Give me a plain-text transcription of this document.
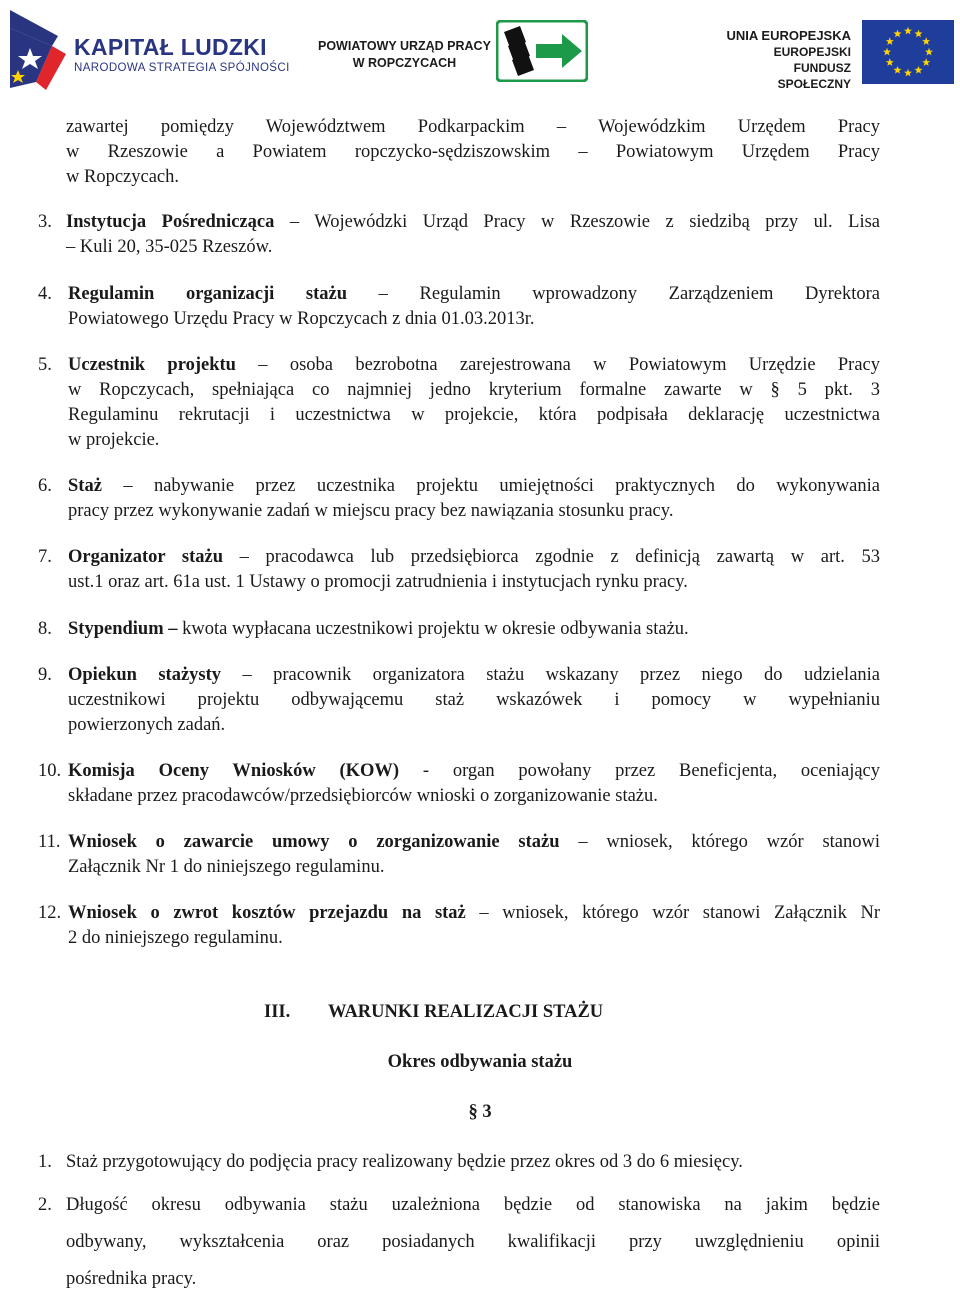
KAPITAŁ LUDZKI
NARODOWA STRATEGIA SPÓJNOŚCI
POWIATOWY URZĄD PRACY
W ROPCZYCACH
UNIA EUROPEJSKA
EUROPEJSKI
FUNDUSZ SPOŁECZNY
zawartej pomiędzy Województwem Podkarpackim – Wojewódzkim Urzędem Pracy
w Rzeszowie a Powiatem ropczycko-sędziszowskim – Powiatowym Urzędem Pracy
w Ropczycach.
3. Instytucja Pośrednicząca – Wojewódzki Urząd Pracy w Rzeszowie z siedzibą przy ul. Lisa
– Kuli 20, 35-025 Rzeszów.
4. Regulamin organizacji stażu – Regulamin wprowadzony Zarządzeniem Dyrektora
Powiatowego Urzędu Pracy w Ropczycach z dnia 01.03.2013r.
5. Uczestnik projektu – osoba bezrobotna zarejestrowana w Powiatowym Urzędzie Pracy
w Ropczycach, spełniająca co najmniej jedno kryterium formalne zawarte w § 5 pkt. 3
Regulaminu rekrutacji i uczestnictwa w projekcie, która podpisała deklarację uczestnictwa
w projekcie.
6. Staż – nabywanie przez uczestnika projektu umiejętności praktycznych do wykonywania
pracy przez wykonywanie zadań w miejscu pracy bez nawiązania stosunku pracy.
7. Organizator stażu – pracodawca lub przedsiębiorca zgodnie z definicją zawartą w art. 53
ust.1 oraz art. 61a ust. 1 Ustawy o promocji zatrudnienia i instytucjach rynku pracy.
8. Stypendium – kwota wypłacana uczestnikowi projektu w okresie odbywania stażu.
9. Opiekun stażysty – pracownik organizatora stażu wskazany przez niego do udzielania
uczestnikowi projektu odbywającemu staż wskazówek i pomocy w wypełnianiu
powierzonych zadań.
10. Komisja Oceny Wniosków (KOW) - organ powołany przez Beneficjenta, oceniający
składane przez pracodawców/przedsiębiorców wnioski o zorganizowanie stażu.
11. Wniosek o zawarcie umowy o zorganizowanie stażu – wniosek, którego wzór stanowi
Załącznik Nr 1 do niniejszego regulaminu.
12. Wniosek o zwrot kosztów przejazdu na staż – wniosek, którego wzór stanowi Załącznik Nr
2 do niniejszego regulaminu.
III. WARUNKI REALIZACJI STAŻU
Okres odbywania stażu
§ 3
1. Staż przygotowujący do podjęcia pracy realizowany będzie przez okres od 3 do 6 miesięcy.
2. Długość okresu odbywania stażu uzależniona będzie od stanowiska na jakim będzie
odbywany, wykształcenia oraz posiadanych kwalifikacji przy uwzględnieniu opinii
pośrednika pracy.
